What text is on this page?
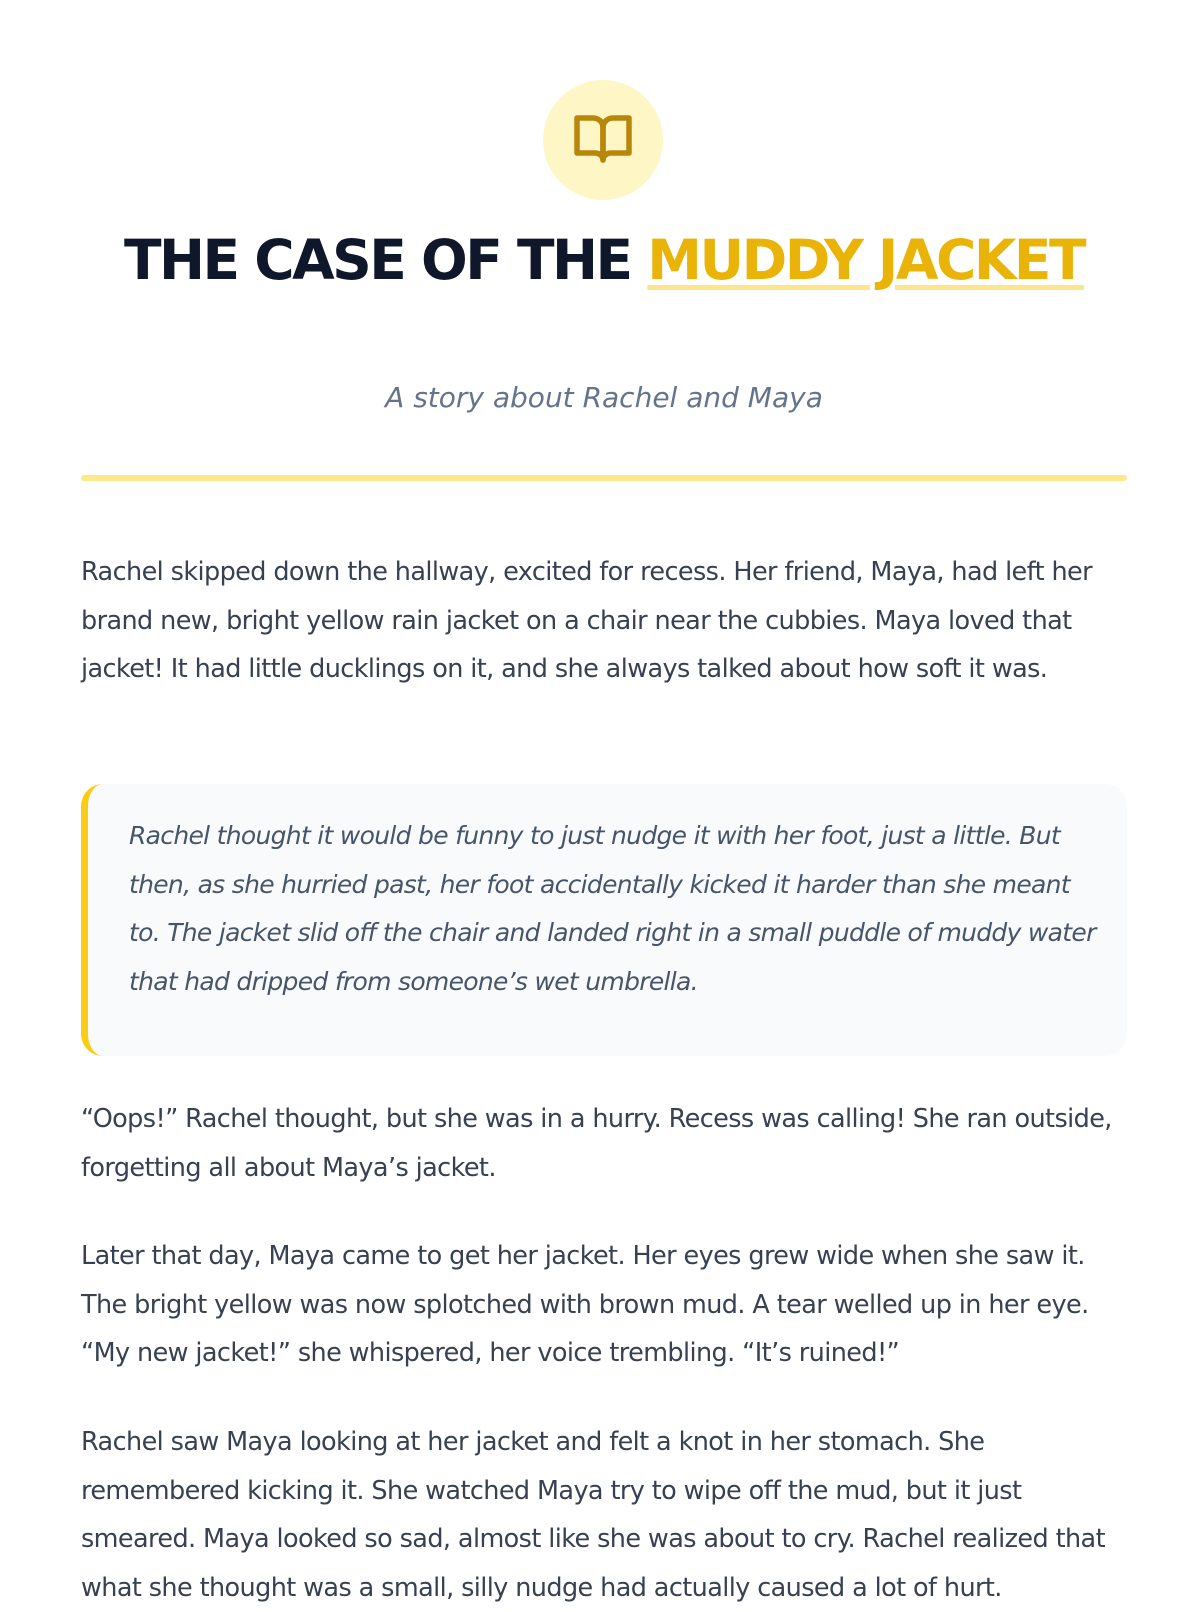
THE CASE OF THE MUDDY JACKET

A story about Rachel and Maya

Rachel skipped down the hallway, excited for recess. Her friend, Maya, had left her brand new, bright yellow rain jacket on a chair near the cubbies. Maya loved that jacket! It had little ducklings on it, and she always talked about how soft it was.

Rachel thought it would be funny to just nudge it with her foot, just a little. But then, as she hurried past, her foot accidentally kicked it harder than she meant to. The jacket slid off the chair and landed right in a small puddle of muddy water that had dripped from someone’s wet umbrella.

“Oops!” Rachel thought, but she was in a hurry. Recess was calling! She ran outside, forgetting all about Maya’s jacket.

Later that day, Maya came to get her jacket. Her eyes grew wide when she saw it. The bright yellow was now splotched with brown mud. A tear welled up in her eye. “My new jacket!” she whispered, her voice trembling. “It’s ruined!”

Rachel saw Maya looking at her jacket and felt a knot in her stomach. She remembered kicking it. She watched Maya try to wipe off the mud, but it just smeared. Maya looked so sad, almost like she was about to cry. Rachel realized that what she thought was a small, silly nudge had actually caused a lot of hurt.
